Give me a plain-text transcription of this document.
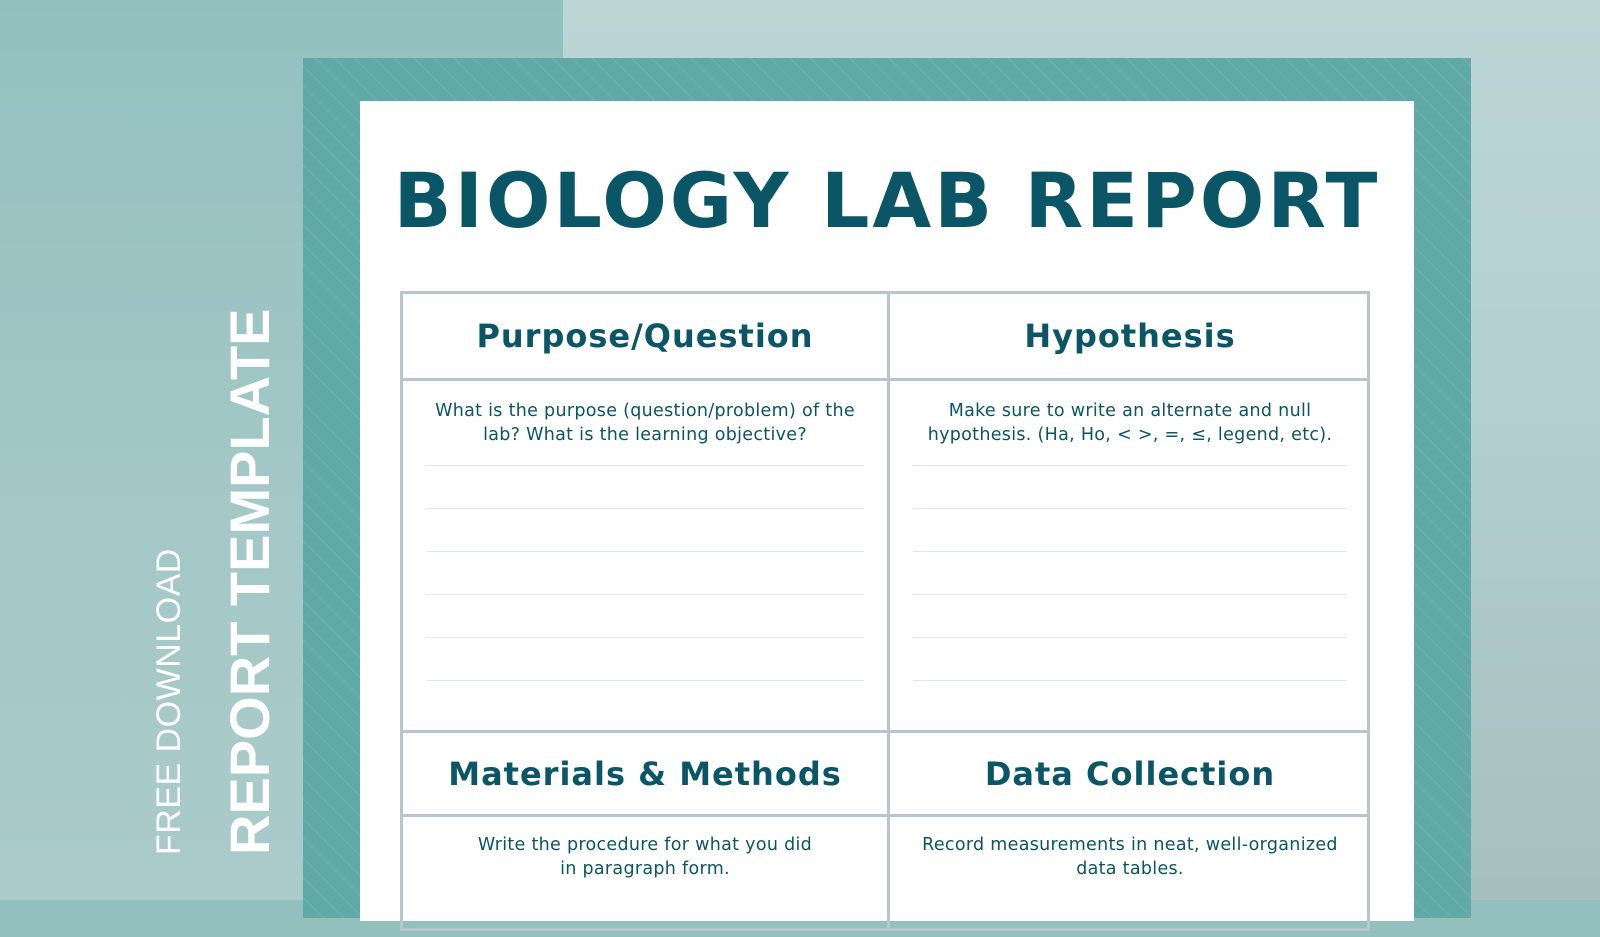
BIOLOGY LAB REPORT
Purpose/Question
What is the purpose (question/problem) of the
lab? What is the learning objective?
Hypothesis
Make sure to write an alternate and null
hypothesis. (Ha, Ho, < >, =, ≤, legend, etc).
Materials & Methods
Write the procedure for what you did
in paragraph form.
Data Collection
Record measurements in neat, well-organized
data tables.
